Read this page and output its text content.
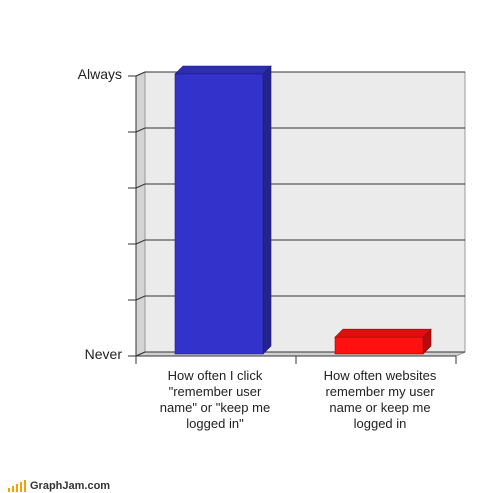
Always
Never
How often I click
"remember user
name" or "keep me
logged in"
How often websites
remember my user
name or keep me
logged in
GraphJam.com
